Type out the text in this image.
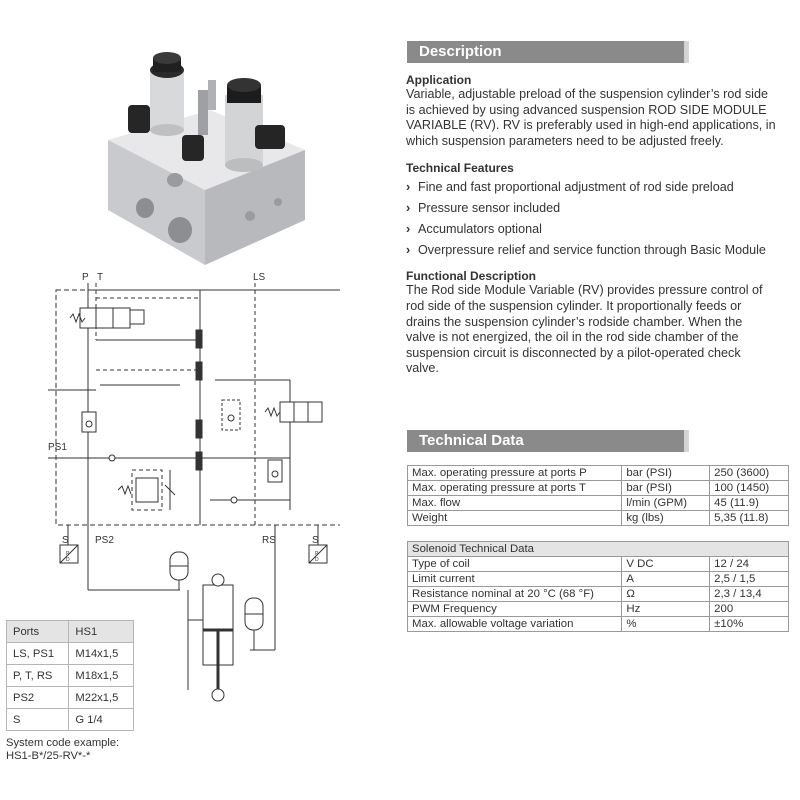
P T	LS
PS1
PS2	RS
S	S
P
D
P
D
Ports	HS1
LS, PS1	M14x1,5
P, T, RS	M18x1,5
PS2	M22x1,5
S	G 1/4
System code example:
HS1-B*/25-RV*-*
Description
Application
Variable, adjustable preload of the suspension cylinder’s rod side
is achieved by using advanced suspension ROD SIDE MODULE
VARIABLE (RV). RV is preferably used in high-end applications, in
which suspension parameters need to be adjusted freely.
Technical Features
› Fine and fast proportional adjustment of rod side preload
› Pressure sensor included
› Accumulators optional
› Overpressure relief and service function through Basic Module
Functional Description
The Rod side Module Variable (RV) provides pressure control of
rod side of the suspension cylinder. It proportionally feeds or
drains the suspension cylinder’s rodside chamber. When the
valve is not energized, the oil in the rod side chamber of the
suspension circuit is disconnected by a pilot-operated check
valve.
Technical Data
Max. operating pressure at ports P	bar (PSI)	250 (3600)
Max. operating pressure at ports T	bar (PSI)	100 (1450)
Max. flow	l/min (GPM)	45 (11.9)
Weight	kg (lbs)	5,35 (11.8)
Solenoid Technical Data		
Type of coil	V DC	12 / 24
Limit current	A	2,5 / 1,5
Resistance nominal at 20 °C (68 °F)	Ω	2,3 / 13,4
PWM Frequency	Hz	200
Max. allowable voltage variation	%	±10%
